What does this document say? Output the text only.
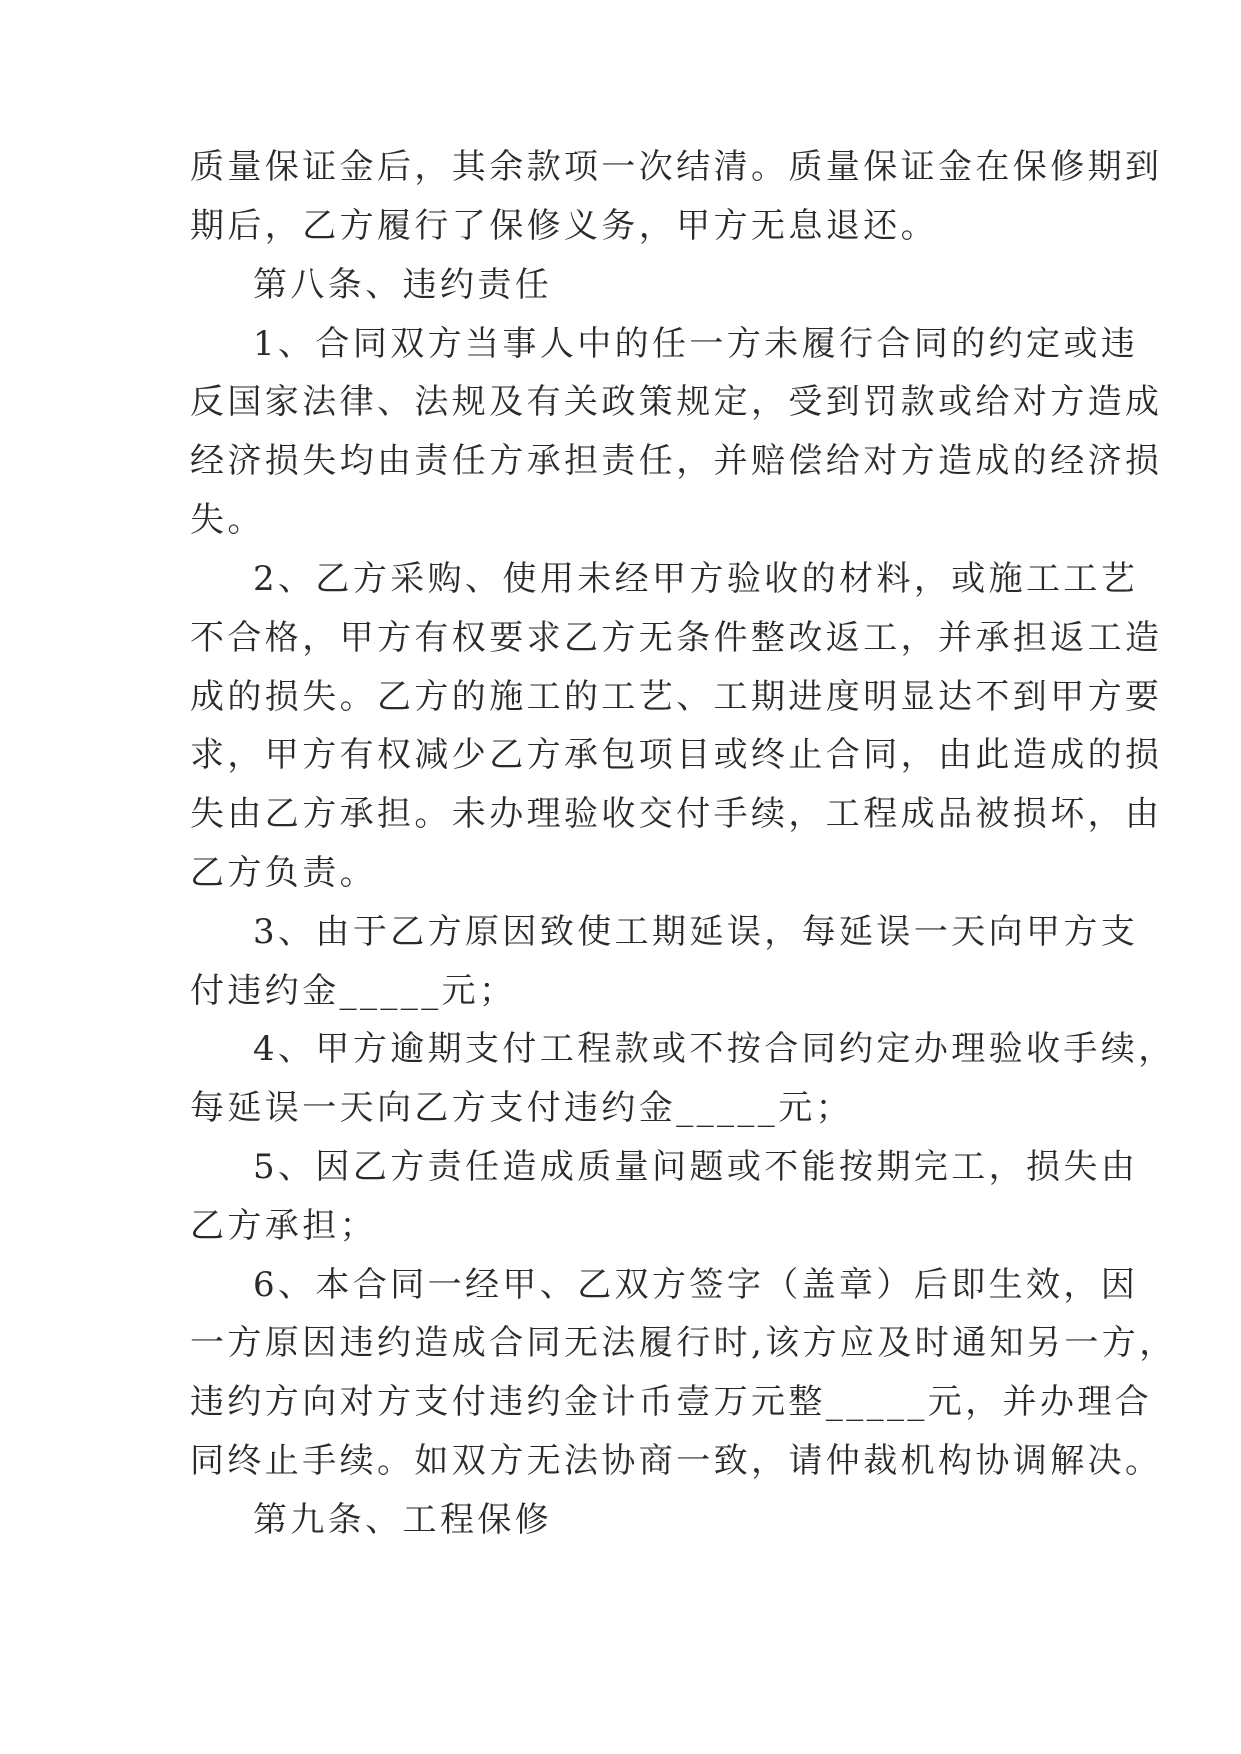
质量保证金后，其余款项一次结清。质量保证金在保修期到
期后，乙方履行了保修义务，甲方无息退还。
第八条、违约责任
1、合同双方当事人中的任一方未履行合同的约定或违
反国家法律、法规及有关政策规定，受到罚款或给对方造成
经济损失均由责任方承担责任，并赔偿给对方造成的经济损
失。
2、乙方采购、使用未经甲方验收的材料，或施工工艺
不合格，甲方有权要求乙方无条件整改返工，并承担返工造
成的损失。乙方的施工的工艺、工期进度明显达不到甲方要
求，甲方有权减少乙方承包项目或终止合同，由此造成的损
失由乙方承担。未办理验收交付手续，工程成品被损坏，由
乙方负责。
3、由于乙方原因致使工期延误，每延误一天向甲方支
付违约金_____元；
4、甲方逾期支付工程款或不按合同约定办理验收手续，
每延误一天向乙方支付违约金_____元；
5、因乙方责任造成质量问题或不能按期完工，损失由
乙方承担；
6、本合同一经甲、乙双方签字（盖章）后即生效，因
一方原因违约造成合同无法履行时,该方应及时通知另一方，
违约方向对方支付违约金计币壹万元整_____元，并办理合
同终止手续。如双方无法协商一致，请仲裁机构协调解决。
第九条、工程保修
